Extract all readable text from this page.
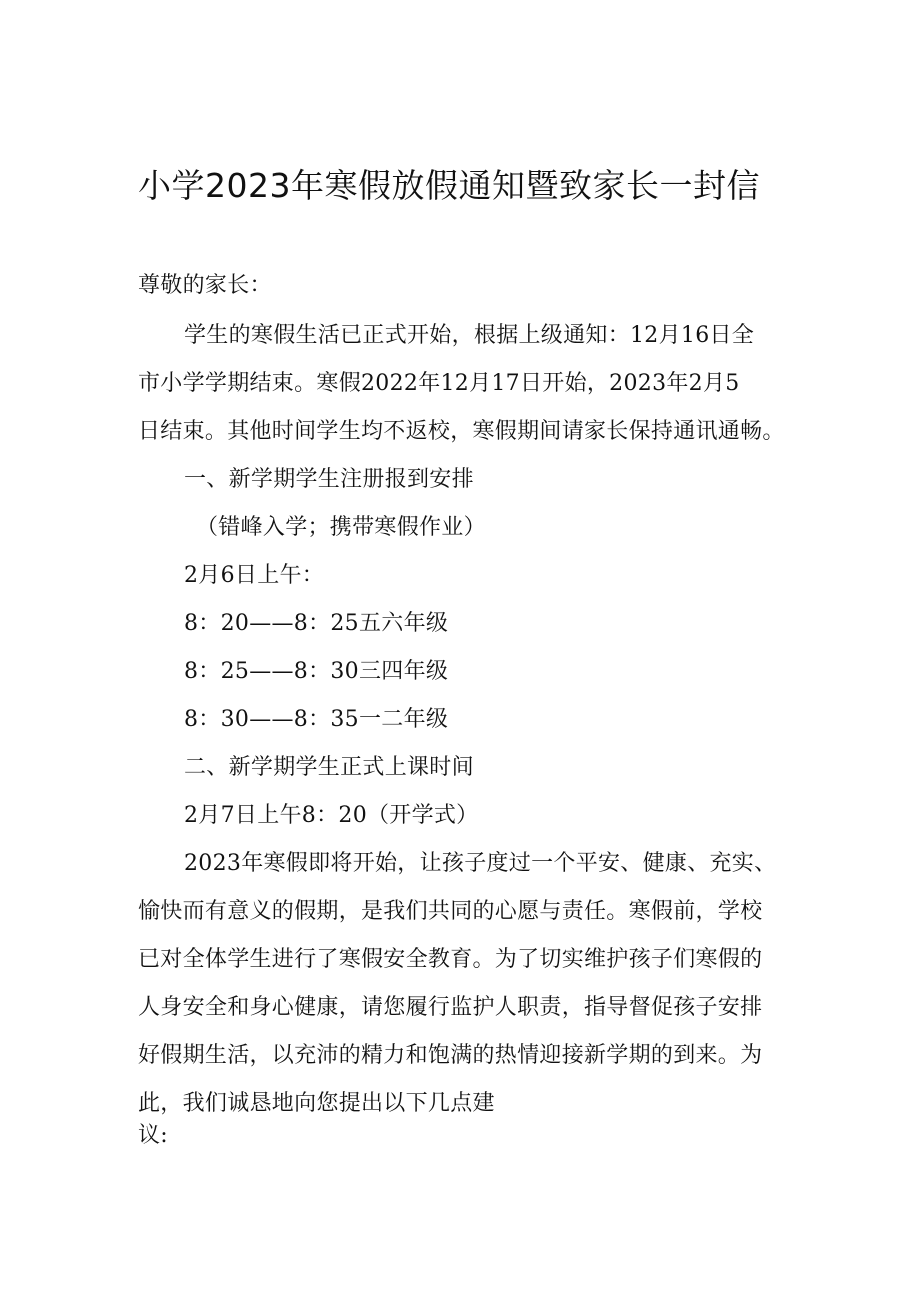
小学2023年寒假放假通知暨致家长一封信
尊敬的家长：
学生的寒假生活已正式开始，根据上级通知：12月16日全
市小学学期结束。寒假2022年12月17日开始，2023年2月5
日结束。其他时间学生均不返校，寒假期间请家长保持通讯通畅。
一、新学期学生注册报到安排
（错峰入学；携带寒假作业）
2月6日上午：
8：20——8：25五六年级
8：25——8：30三四年级
8：30——8：35一二年级
二、新学期学生正式上课时间
2月7日上午8：20（开学式）
2023年寒假即将开始，让孩子度过一个平安、健康、充实、
愉快而有意义的假期，是我们共同的心愿与责任。寒假前，学校
已对全体学生进行了寒假安全教育。为了切实维护孩子们寒假的
人身安全和身心健康，请您履行监护人职责，指导督促孩子安排
好假期生活，以充沛的精力和饱满的热情迎接新学期的到来。为
此，我们诚恳地向您提出以下几点建
议:
